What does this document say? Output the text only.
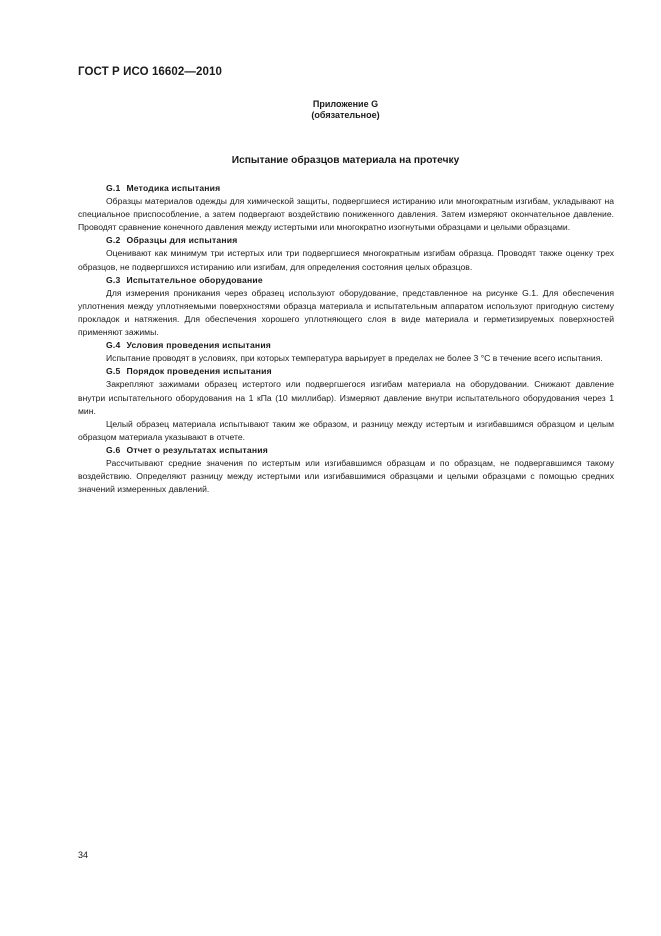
ГОСТ Р ИСО 16602—2010
Приложение G
(обязательное)
Испытание образцов материала на протечку
G.1 Методика испытания

Образцы материалов одежды для химической защиты, подвергшиеся истиранию или многократным изгибам, укладывают на специальное приспособление, а затем подвергают воздействию пониженного давления. Затем измеряют окончательное давление. Проводят сравнение конечного давления между истертыми или многократно изогнутыми образцами и целыми образцами.

G.2 Образцы для испытания

Оценивают как минимум три истертых или три подвергшиеся многократным изгибам образца. Проводят также оценку трех образцов, не подвергшихся истиранию или изгибам, для определения состояния целых образцов.

G.3 Испытательное оборудование

Для измерения проникания через образец используют оборудование, представленное на рисунке G.1. Для обеспечения уплотнения между уплотняемыми поверхностями образца материала и испытательным аппаратом используют пригодную систему прокладок и натяжения. Для обеспечения хорошего уплотняющего слоя в виде материала и герметизируемых поверхностей применяют зажимы.

G.4 Условия проведения испытания

Испытание проводят в условиях, при которых температура варьирует в пределах не более 3 °C в течение всего испытания.

G.5 Порядок проведения испытания

Закрепляют зажимами образец истертого или подвергшегося изгибам материала на оборудовании. Снижают давление внутри испытательного оборудования на 1 кПа (10 миллибар). Измеряют давление внутри испытательного оборудования через 1 мин.

Целый образец материала испытывают таким же образом, и разницу между истертым и изгибавшимся образцом и целым образцом материала указывают в отчете.

G.6 Отчет о результатах испытания

Рассчитывают средние значения по истертым или изгибавшимся образцам и по образцам, не подвергавшимся такому воздействию. Определяют разницу между истертыми или изгибавшимися образцами и целыми образцами с помощью средних значений измеренных давлений.

34
